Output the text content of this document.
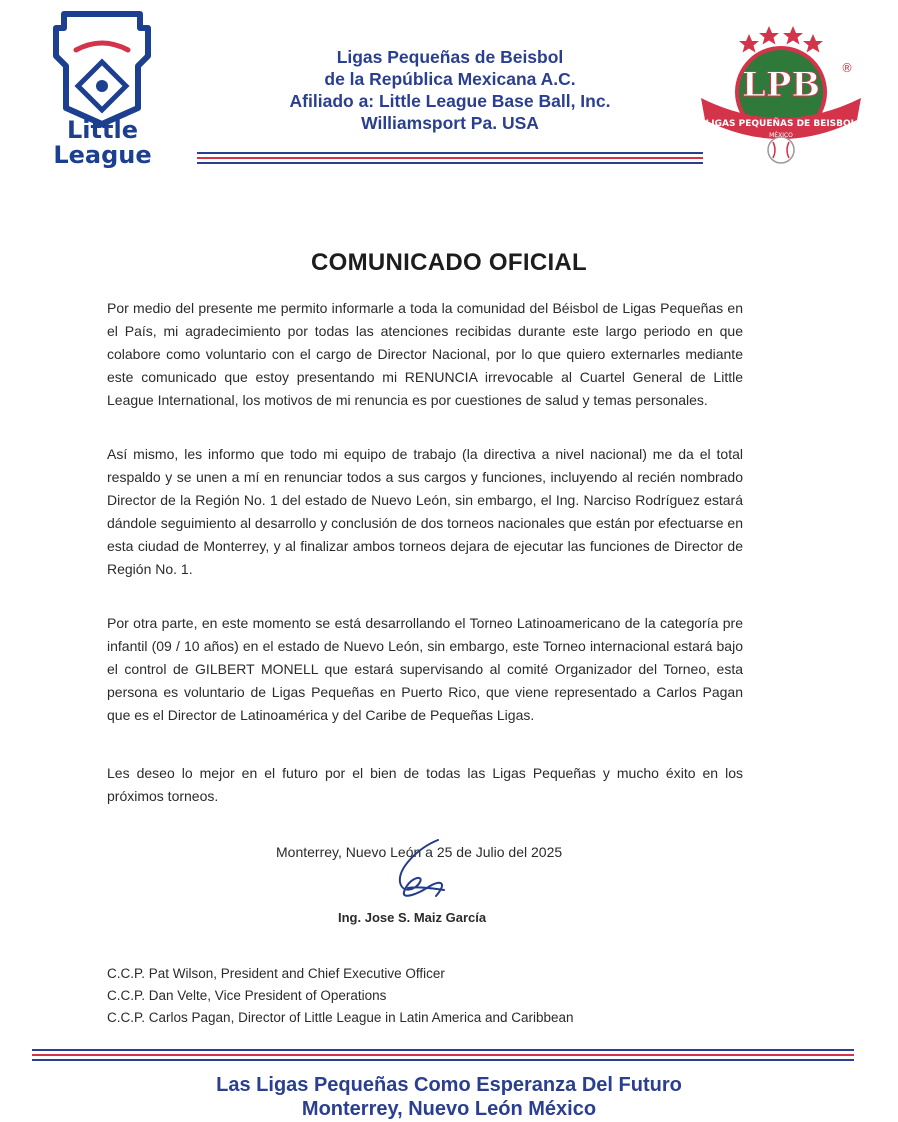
Little
League
Ligas Pequeñas de Beisbol
de la República Mexicana A.C.
Afiliado a: Little League Base Ball, Inc.
Williamsport Pa. USA
LPB
LIGAS PEQUEÑAS DE BEISBOL
MÉXICO
®
COMUNICADO OFICIAL
Por medio del presente me permito informarle a toda la comunidad del Béisbol de Ligas Pequeñas en el País, mi agradecimiento por todas las atenciones recibidas durante este largo periodo en que colabore como voluntario con el cargo de Director Nacional, por lo que quiero externarles mediante este comunicado que estoy presentando mi RENUNCIA irrevocable al Cuartel General de Little League International, los motivos de mi renuncia es por cuestiones de salud y temas personales.
Así mismo, les informo que todo mi equipo de trabajo (la directiva a nivel nacional) me da el total respaldo y se unen a mí en renunciar todos a sus cargos y funciones, incluyendo al recién nombrado Director de la Región No. 1 del estado de Nuevo León, sin embargo, el Ing. Narciso Rodríguez estará dándole seguimiento al desarrollo y conclusión de dos torneos nacionales que están por efectuarse en esta ciudad de Monterrey, y al finalizar ambos torneos dejara de ejecutar las funciones de Director de Región No. 1.
Por otra parte, en este momento se está desarrollando el Torneo Latinoamericano de la categoría pre infantil (09 / 10 años) en el estado de Nuevo León, sin embargo, este Torneo internacional estará bajo el control de GILBERT MONELL que estará supervisando al comité Organizador del Torneo, esta persona es voluntario de Ligas Pequeñas en Puerto Rico, que viene representado a Carlos Pagan que es el Director de Latinoamérica y del Caribe de Pequeñas Ligas.
Les deseo lo mejor en el futuro por el bien de todas las Ligas Pequeñas y mucho éxito en los próximos torneos.
Monterrey, Nuevo León a 25 de Julio del 2025
Ing. Jose S. Maiz García
C.C.P. Pat Wilson, President and Chief Executive Officer
C.C.P. Dan Velte, Vice President of Operations
C.C.P. Carlos Pagan, Director of Little League in Latin America and Caribbean
Las Ligas Pequeñas Como Esperanza Del Futuro
Monterrey, Nuevo León México
